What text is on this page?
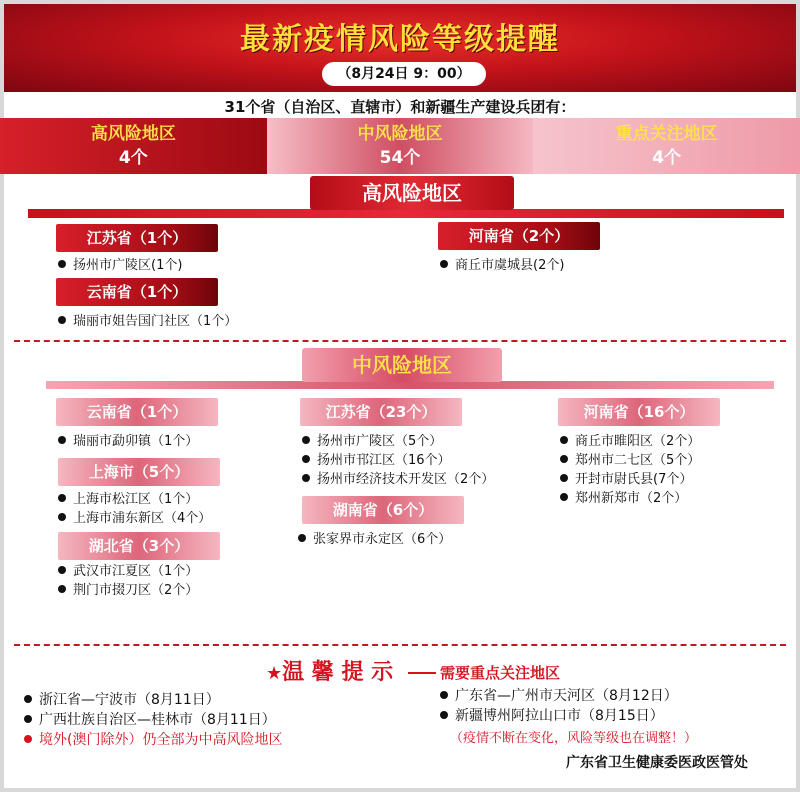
最新疫情风险等级提醒
（8月24日 9：00）
31个省（自治区、直辖市）和新疆生产建设兵团有：
高风险地区
4个
中风险地区
54个
重点关注地区
4个
高风险地区
江苏省（1个）
扬州市广陵区(1个)
云南省（1个）
瑞丽市姐告国门社区（1个）
河南省（2个）
商丘市虞城县(2个)
中风险地区
云南省（1个）
瑞丽市勐卯镇（1个）
上海市（5个）
上海市松江区（1个）
上海市浦东新区（4个）
湖北省（3个）
武汉市江夏区（1个）
荆门市掇刀区（2个）
江苏省（23个）
扬州市广陵区（5个）
扬州市邗江区（16个）
扬州市经济技术开发区（2个）
湖南省（6个）
张家界市永定区（6个）
河南省（16个）
商丘市睢阳区（2个）
郑州市二七区（5个）
开封市尉氏县(7个）
郑州新郑市（2个）
★温 馨 提 示	需要重点关注地区
浙江省—宁波市（8月11日）
广西壮族自治区—桂林市（8月11日）
境外(澳门除外）仍全部为中高风险地区
广东省—广州市天河区（8月12日）
新疆博州阿拉山口市（8月15日）
（疫情不断在变化，风险等级也在调整！）
广东省卫生健康委医政医管处
